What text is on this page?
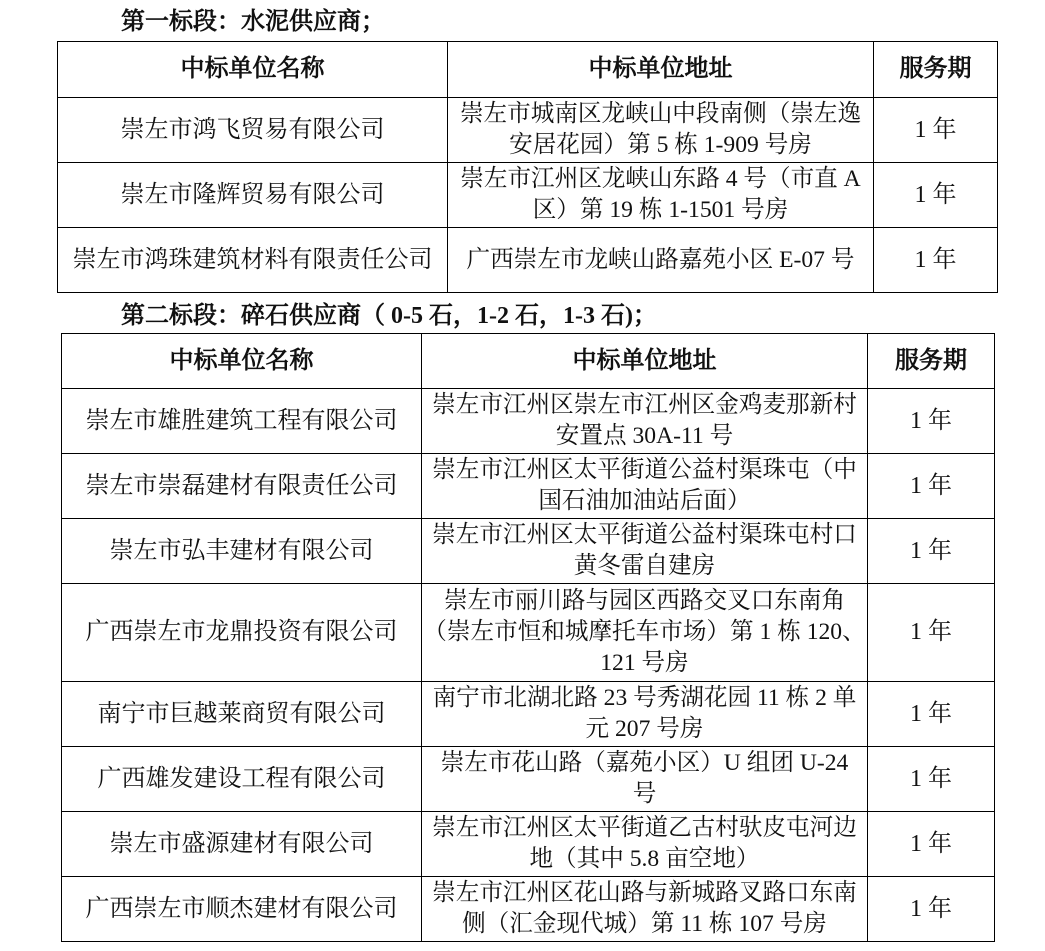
第一标段：水泥供应商；
中标单位名称	中标单位地址	服务期
崇左市鸿飞贸易有限公司	崇左市城南区龙峡山中段南侧（崇左逸
安居花园）第 5 栋 1-909 号房	1 年
崇左市隆辉贸易有限公司	崇左市江州区龙峡山东路 4 号（市直 A
区）第 19 栋 1-1501 号房	1 年
崇左市鸿珠建筑材料有限责任公司	广西崇左市龙峡山路嘉苑小区 E-07 号	1 年
第二标段：碎石供应商（ 0-5 石，1-2 石，1-3 石)；
中标单位名称	中标单位地址	服务期
崇左市雄胜建筑工程有限公司	崇左市江州区崇左市江州区金鸡麦那新村
安置点 30A-11 号	1 年
崇左市崇磊建材有限责任公司	崇左市江州区太平街道公益村渠珠屯（中
国石油加油站后面）	1 年
崇左市弘丰建材有限公司	崇左市江州区太平街道公益村渠珠屯村口
黄冬雷自建房	1 年
广西崇左市龙鼎投资有限公司	崇左市丽川路与园区西路交叉口东南角
（崇左市恒和城摩托车市场）第 1 栋 120、
121 号房	1 年
南宁市巨越莱商贸有限公司	南宁市北湖北路 23 号秀湖花园 11 栋 2 单
元 207 号房	1 年
广西雄发建设工程有限公司	崇左市花山路（嘉苑小区）U 组团 U-24
号	1 年
崇左市盛源建材有限公司	崇左市江州区太平街道乙古村驮皮屯河边
地（其中 5.8 亩空地）	1 年
广西崇左市顺杰建材有限公司	崇左市江州区花山路与新城路叉路口东南
侧（汇金现代城）第 11 栋 107 号房	1 年
